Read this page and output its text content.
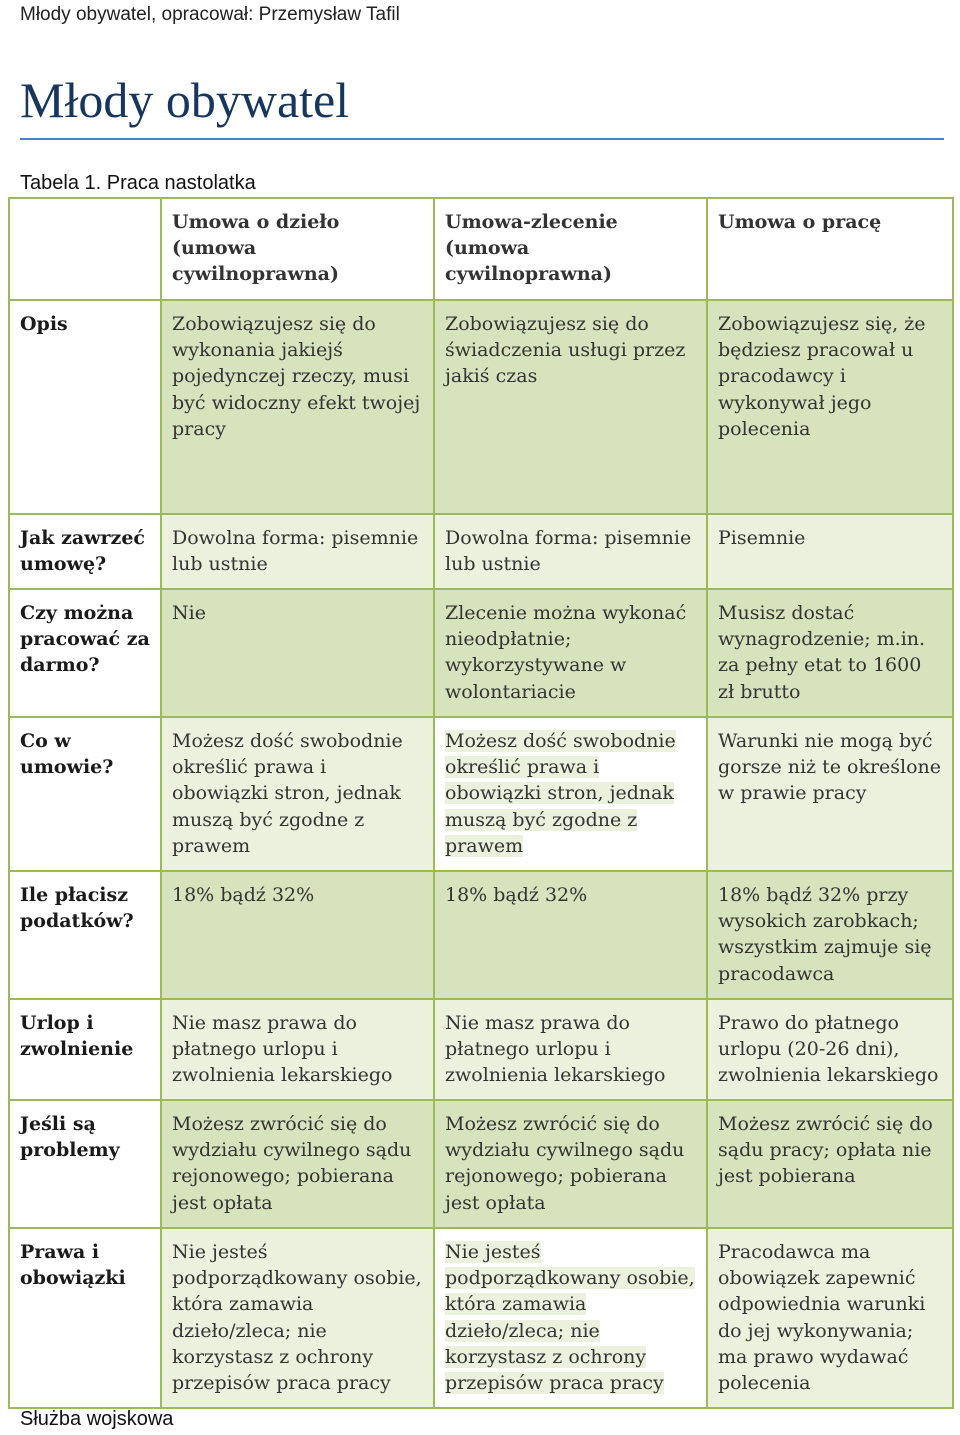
Młody obywatel, opracował: Przemysław Tafil
Młody obywatel
Tabela 1. Praca nastolatka
	Umowa o dzieło (umowa cywilnoprawna)	Umowa-zlecenie (umowa cywilnoprawna)	Umowa o pracę
Opis	Zobowiązujesz się do wykonania jakiejś pojedynczej rzeczy, musi być widoczny efekt twojej pracy	Zobowiązujesz się do świadczenia usługi przez jakiś czas	Zobowiązujesz się, że będziesz pracował u pracodawcy i wykonywał jego polecenia
Jak zawrzeć umowę?	Dowolna forma: pisemnie lub ustnie	Dowolna forma: pisemnie lub ustnie	Pisemnie
Czy można pracować za darmo?	Nie	Zlecenie można wykonać nieodpłatnie; wykorzystywane w wolontariacie	Musisz dostać wynagrodzenie; m.in. za pełny etat to 1600 zł brutto
Co w umowie?	Możesz dość swobodnie określić prawa i obowiązki stron, jednak muszą być zgodne z prawem	Możesz dość swobodnie określić prawa i obowiązki stron, jednak muszą być zgodne z prawem	Warunki nie mogą być gorsze niż te określone w prawie pracy
Ile płacisz podatków?	18% bądź 32%	18% bądź 32%	18% bądź 32% przy wysokich zarobkach; wszystkim zajmuje się pracodawca
Urlop i zwolnienie	Nie masz prawa do płatnego urlopu i zwolnienia lekarskiego	Nie masz prawa do płatnego urlopu i zwolnienia lekarskiego	Prawo do płatnego urlopu (20-26 dni), zwolnienia lekarskiego
Jeśli są problemy	Możesz zwrócić się do wydziału cywilnego sądu rejonowego; pobierana jest opłata	Możesz zwrócić się do wydziału cywilnego sądu rejonowego; pobierana jest opłata	Możesz zwrócić się do sądu pracy; opłata nie jest pobierana
Prawa i obowiązki	Nie jesteś podporządkowany osobie, która zamawia dzieło/zleca; nie korzystasz z ochrony przepisów praca pracy	Nie jesteś podporządkowany osobie, która zamawia dzieło/zleca; nie korzystasz z ochrony przepisów praca pracy	Pracodawca ma obowiązek zapewnić odpowiednia warunki do jej wykonywania; ma prawo wydawać polecenia
Służba wojskowa
